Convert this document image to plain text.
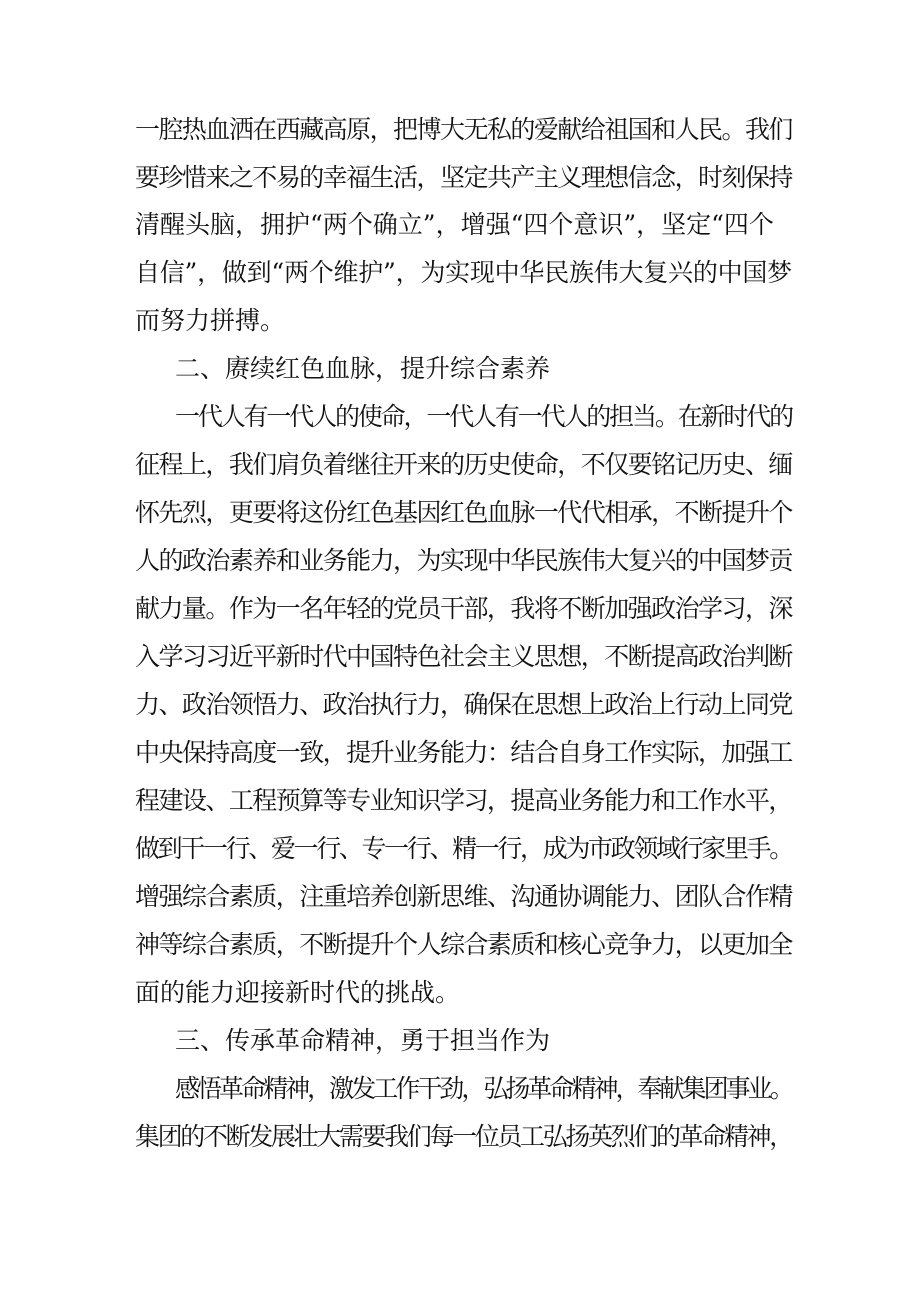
一腔热血洒在西藏高原，把博大无私的爱献给祖国和人民。我们
要珍惜来之不易的幸福生活，坚定共产主义理想信念，时刻保持
清醒头脑，拥护“两个确立”，增强“四个意识”，坚定“四个
自信”，做到“两个维护”，为实现中华民族伟大复兴的中国梦
而努力拼搏。
二、赓续红色血脉，提升综合素养
一代人有一代人的使命，一代人有一代人的担当。在新时代的
征程上，我们肩负着继往开来的历史使命，不仅要铭记历史、缅
怀先烈，更要将这份红色基因红色血脉一代代相承，不断提升个
人的政治素养和业务能力，为实现中华民族伟大复兴的中国梦贡
献力量。作为一名年轻的党员干部，我将不断加强政治学习，深
入学习习近平新时代中国特色社会主义思想，不断提高政治判断
力、政治领悟力、政治执行力，确保在思想上政治上行动上同党
中央保持高度一致，提升业务能力：结合自身工作实际，加强工
程建设、工程预算等专业知识学习，提高业务能力和工作水平，
做到干一行、爱一行、专一行、精一行，成为市政领域行家里手。
增强综合素质，注重培养创新思维、沟通协调能力、团队合作精
神等综合素质，不断提升个人综合素质和核心竞争力，以更加全
面的能力迎接新时代的挑战。
三、传承革命精神，勇于担当作为
感悟革命精神，激发工作干劲，弘扬革命精神，奉献集团事业。
集团的不断发展壮大需要我们每一位员工弘扬英烈们的革命精神，
